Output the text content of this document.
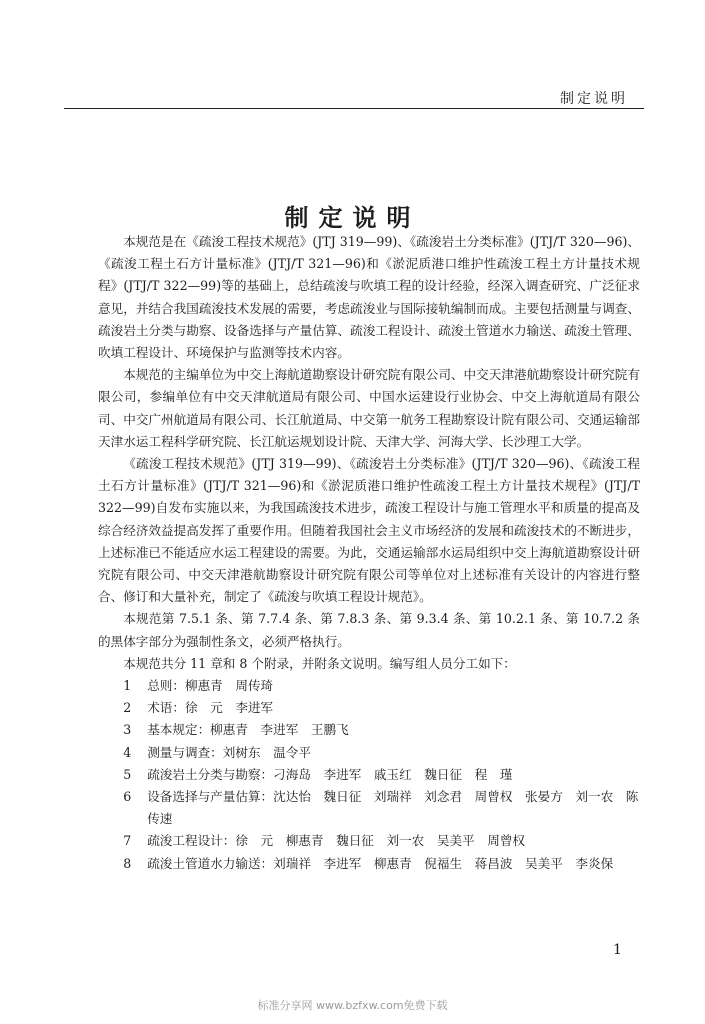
制定说明
制定说明

本规范是在《疏浚工程技术规范》(JTJ 319—99)、《疏浚岩土分类标准》(JTJ/T 320—96)、《疏浚工程土石方计量标准》(JTJ/T 321—96)和《淤泥质港口维护性疏浚工程土方计量技术规程》(JTJ/T 322—99)等的基础上，总结疏浚与吹填工程的设计经验，经深入调查研究、广泛征求意见，并结合我国疏浚技术发展的需要，考虑疏浚业与国际接轨编制而成。主要包括测量与调查、疏浚岩土分类与勘察、设备选择与产量估算、疏浚工程设计、疏浚土管道水力输送、疏浚土管理、吹填工程设计、环境保护与监测等技术内容。

本规范的主编单位为中交上海航道勘察设计研究院有限公司、中交天津港航勘察设计研究院有限公司，参编单位有中交天津航道局有限公司、中国水运建设行业协会、中交上海航道局有限公司、中交广州航道局有限公司、长江航道局、中交第一航务工程勘察设计院有限公司、交通运输部天津水运工程科学研究院、长江航运规划设计院、天津大学、河海大学、长沙理工大学。

《疏浚工程技术规范》(JTJ 319—99)、《疏浚岩土分类标准》(JTJ/T 320—96)、《疏浚工程土石方计量标准》(JTJ/T 321—96)和《淤泥质港口维护性疏浚工程土方计量技术规程》(JTJ/T 322—99)自发布实施以来，为我国疏浚技术进步，疏浚工程设计与施工管理水平和质量的提高及综合经济效益提高发挥了重要作用。但随着我国社会主义市场经济的发展和疏浚技术的不断进步，上述标准已不能适应水运工程建设的需要。为此，交通运输部水运局组织中交上海航道勘察设计研究院有限公司、中交天津港航勘察设计研究院有限公司等单位对上述标准有关设计的内容进行整合、修订和大量补充，制定了《疏浚与吹填工程设计规范》。

本规范第 7.5.1 条、第 7.7.4 条、第 7.8.3 条、第 9.3.4 条、第 10.2.1 条、第 10.7.2 条的黑体字部分为强制性条文，必须严格执行。

本规范共分 11 章和 8 个附录，并附条文说明。编写组人员分工如下：

1	总则：柳惠青　周传琦
2	术语：徐　元　李进军
3	基本规定：柳惠青　李进军　王鹏飞
4	测量与调查：刘树东　温令平
5	疏浚岩土分类与勘察：刁海岛　李进军　戚玉红　魏日征　程　瑾
6	设备选择与产量估算：沈达怡　魏日征　刘瑞祥　刘念君　周曾权　张晏方　刘一农　陈传速
7	疏浚工程设计：徐　元　柳惠青　魏日征　刘一农　吴美平　周曾权
8	疏浚土管道水力输送：刘瑞祥　李进军　柳惠青　倪福生　蒋昌波　吴美平　李炎保
1
标准分享网 www.bzfxw.com免费下载
